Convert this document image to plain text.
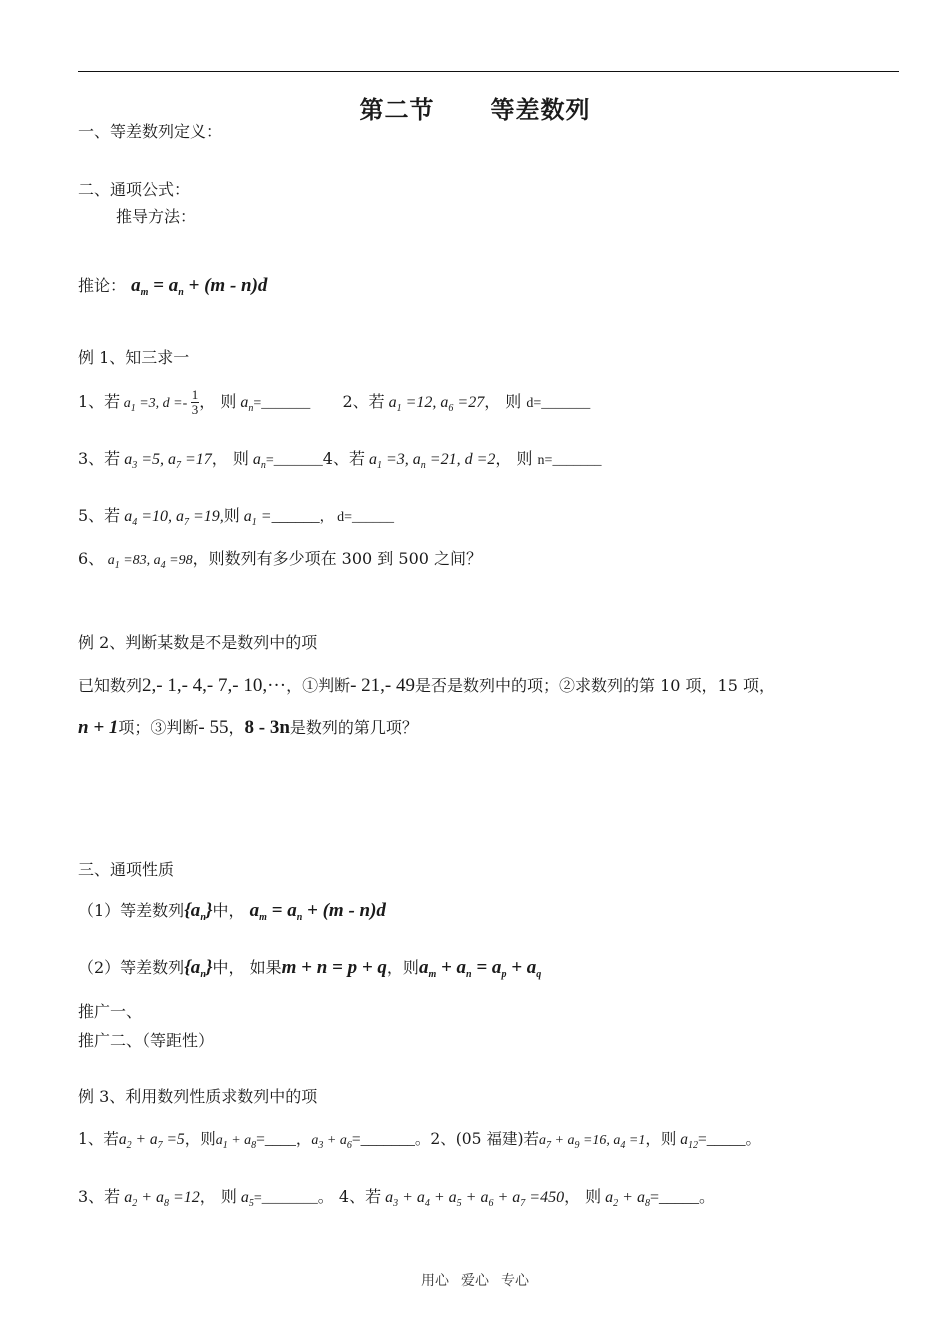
第二节 等差数列
一、等差数列定义：
二、通项公式：
推导方法：
推论： $a_m = a_n + (m - n)d$
例 1、知三求一
1、若 $a_1 =3$, $d =- \frac{1}{3}$ ， 则 $a_n=\_\_\_\_\_\_\_$ 2、若 $a_1 =12$, $a_6 =27$， 则 d=_______
3、若 $a_3 =5$, $a_7 =17$， 则 $a_n=\_\_\_\_\_\_\_4$、若 $a_1 =3$, $a_n =21$, d =2， 则 n=_______
5、若 $a_4 =10$, $a_7 =19$,则 $a_1$ =______， d=______
6、 $a_1 =83$, $a_4 =98$，则数列有多少项在 300 到 500 之间？
例 2、判断某数是不是数列中的项
已知数列2,- 1,- 4,- 7,- 10,···，①判断- 21,- 49是否是数列中的项；②求数列的第 10 项，15 项，
n + 1项；③判断- 55，8 - 3n是数列的第几项？
三、通项性质
（1）等差数列$\{a_n\}$中， $a_m = a_n + (m - n)d$
（2）等差数列$\{a_n\}$中， 如果m + n = p + q，则$a_m + a_n = a_p + a_q$
推广一、
推广二、（等距性）
例 3、利用数列性质求数列中的项
1、若$a_2 + a_7 =5$，则$a_1$ + $a_8=\_\_\_\_$，$a_3$ + $a_6=\_\_\_\_\_\_\_$。2、(05 福建)若$a_7 + a_9 =16$, $a_4 =1$，则 $a_{12}=\_\_\_\_\_$。
3、若 $a_2 + a_8 =12$， 则 $a_5=\_\_\_\_\_\_\_\_$。 4、若 $a_3 + a_4 + a_5 + a_6 + a_7 =450$， 则 $a_2$ + $a_8=\_\_\_\_\_$。
用心 爱心 专心
